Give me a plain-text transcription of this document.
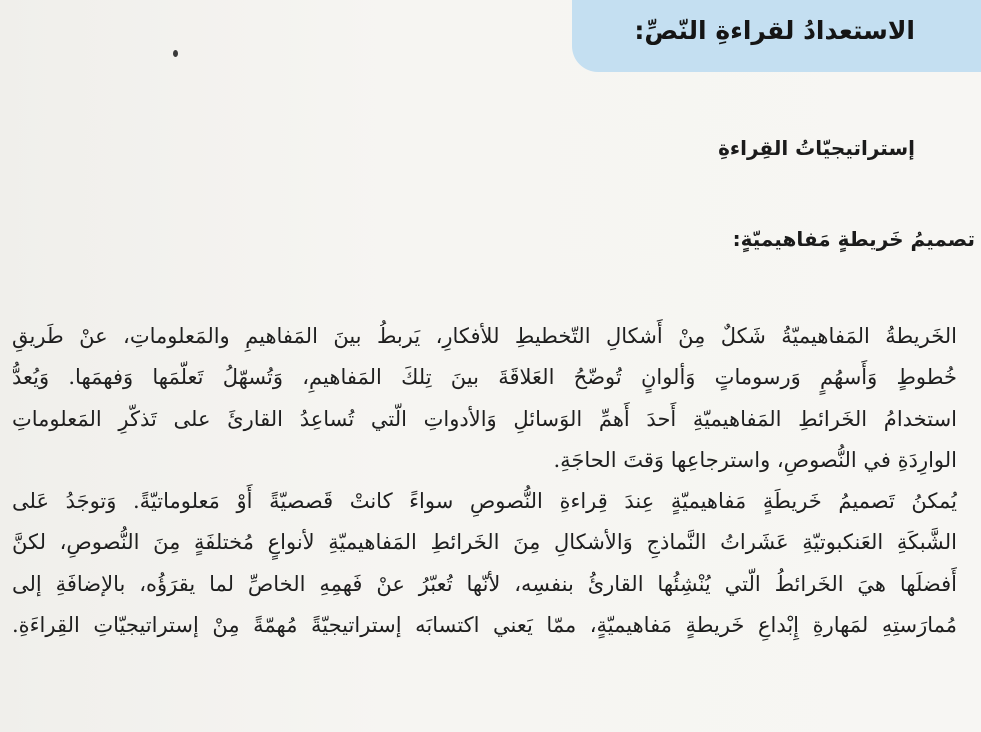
الاستعدادُ لقراءةِ النّصِّ:
إستراتيجيّاتُ القِراءةِ
تصميمُ خَريطةٍ مَفاهيميّةٍ:
الخَريطةُ المَفاهيميّةُ شَكلٌ مِنْ أَشكالِ التّخطيطِ للأفكارِ، يَربطُ بينَ المَفاهيمِ والمَعلوماتِ، عنْ طَريقِ
خُطوطٍ وَأَسهُمٍ وَرسوماتٍ وَألوانٍ تُوضّحُ العَلاقَةَ بينَ تِلكَ المَفاهيمِ، وَتُسهّلُ تَعلّمَها وَفهمَها. وَيُعدُّ
استخدامُ الخَرائطِ المَفاهيميّةِ أَحدَ أَهمِّ الوَسائلِ وَالأدواتِ الّتي تُساعِدُ القارئَ على تَذكّرِ المَعلوماتِ
الوارِدَةِ في النُّصوصِ، واسترجاعِها وَقتَ الحاجَةِ.
يُمكنُ تَصميمُ خَريطَةٍ مَفاهيميّةٍ عِندَ قِراءةِ النُّصوصِ سواءً كانتْ قَصصيّةً أَوْ مَعلوماتيّةً. وَتوجَدُ عَلى
الشَّبكَةِ العَنكبوتيّةِ عَشَراتُ النَّماذجِ وَالأشكالِ مِنَ الخَرائطِ المَفاهيميّةِ لأنواعٍ مُختلفَةٍ مِنَ النُّصوصِ، لكنَّ
أَفضلَها هيَ الخَرائطُ الّتي يُنْشِئُها القارئُ بنفسِه، لأنّها تُعبّرُ عنْ فَهمِهِ الخاصِّ لما يقرَؤُه، بالإضافَةِ إلى
مُمارَستِهِ لمَهارةِ إِبْداعِ خَريطةٍ مَفاهيميّةٍ، ممّا يَعني اكتسابَه إستراتيجيّةً مُهمّةً مِنْ إستراتيجيّاتِ القِراءَةِ.
